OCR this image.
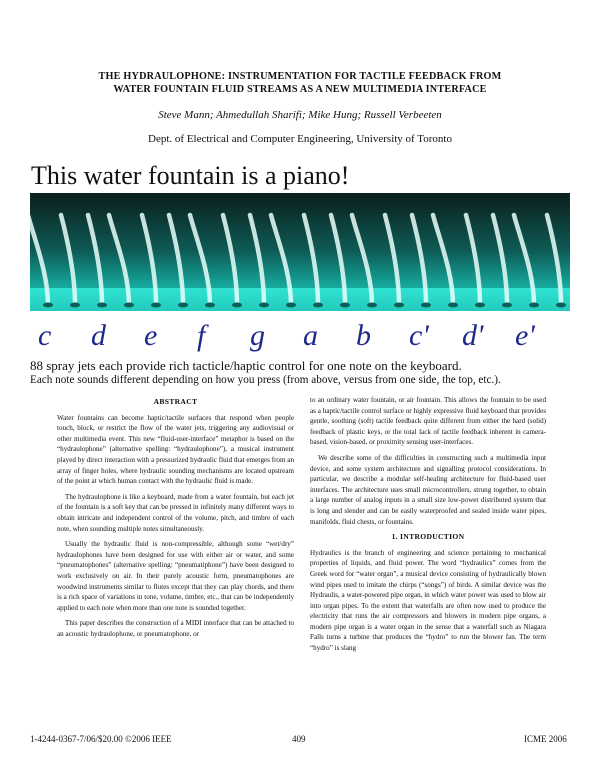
THE HYDRAULOPHONE: INSTRUMENTATION FOR TACTILE FEEDBACK FROM
WATER FOUNTAIN FLUID STREAMS AS A NEW MULTIMEDIA INTERFACE
Steve Mann; Ahmedullah Sharifi; Mike Hung; Russell Verbeeten
Dept. of Electrical and Computer Engineering, University of Toronto
This water fountain is a piano!
c d e f g a b c' d' e'
88 spray jets each provide rich tacticle/haptic control for one note on the keyboard.
Each note sounds different depending on how you press (from above, versus from one side, the top, etc.).
ABSTRACT

Water fountains can become haptic/tactile surfaces that respond when people touch, block, or restrict the flow of the water jets, triggering any audiovisual or other multimedia event. This new “fluid-user-interface” metaphor is based on the “hydraulophone” (alternative spelling: “hydraulophone”), a musical instrument played by direct interaction with a pressurized hydraulic fluid that emerges from an array of finger holes, where hydraulic sounding mechanisms are located upstream of the point at which human contact with the hydraulic fluid is made.

The hydraulophone is like a keyboard, made from a water fountain, but each jet of the fountain is a soft key that can be pressed in infinitely many different ways to obtain intricate and independent control of the volume, pitch, and timbre of each note, when sounding multiple notes simultaneously.

Usually the hydraulic fluid is non-compressible, although some “wet/dry” hydraulophones have been designed for use with either air or water, and some “pneumatophones” (alternative spelling: “pneumatiphone”) have been designed to work exclusively on air. In their purely acoustic form, pneumatophones are woodwind instruments similar to flutes except that they can play chords, and there is a rich space of variations in tone, volume, timbre, etc., that can be independently applied to each note when more than one note is sounded together.

This paper describes the construction of a MIDI interface that can be attached to an acoustic hydraulophone, or pneumatophone, or

to an ordinary water fountain, or air fountain. This allows the fountain to be used as a haptic/tactile control surface or highly expressive fluid keyboard that provides gentle, soothing (soft) tactile feedback quite different from either the hard (solid) feedback of plastic keys, or the total lack of tactile feedback inherent in camera-based, vision-based, or proximity sensing user-interfaces.

We describe some of the difficulties in constructing such a multimedia input device, and some system architecture and signalling protocol considerations. In particular, we describe a modular self-healing architecture for fluid-based user interfaces. The architecture uses small microcontrollers, strung together, to obtain a large number of analog inputs in a small size low-power distributed system that is long and slender and can be easily waterproofed and sealed inside water pipes, manifolds, fluid chests, or fountains.

1. INTRODUCTION

Hydraulics is the branch of engineering and science pertaining to mechanical properties of liquids, and fluid power. The word “hydraulics” comes from the Greek word for “water organ”, a musical device consisting of hydraulically blown wind pipes used to imitate the chirps (“songs”) of birds. A similar device was the Hydraulis, a water-powered pipe organ, in which water power was used to blow air into organ pipes. To the extent that waterfalls are often now used to produce the electricity that runs the air compressors and blowers in modern pipe organs, a modern pipe organ is a water organ in the sense that a waterfall such as Niagara Falls turns a turbine that produces the “hydro” to run the blower fan. The term “hydro” is slang

1-4244-0367-7/06/$20.00 ©2006 IEEE	409	ICME 2006
